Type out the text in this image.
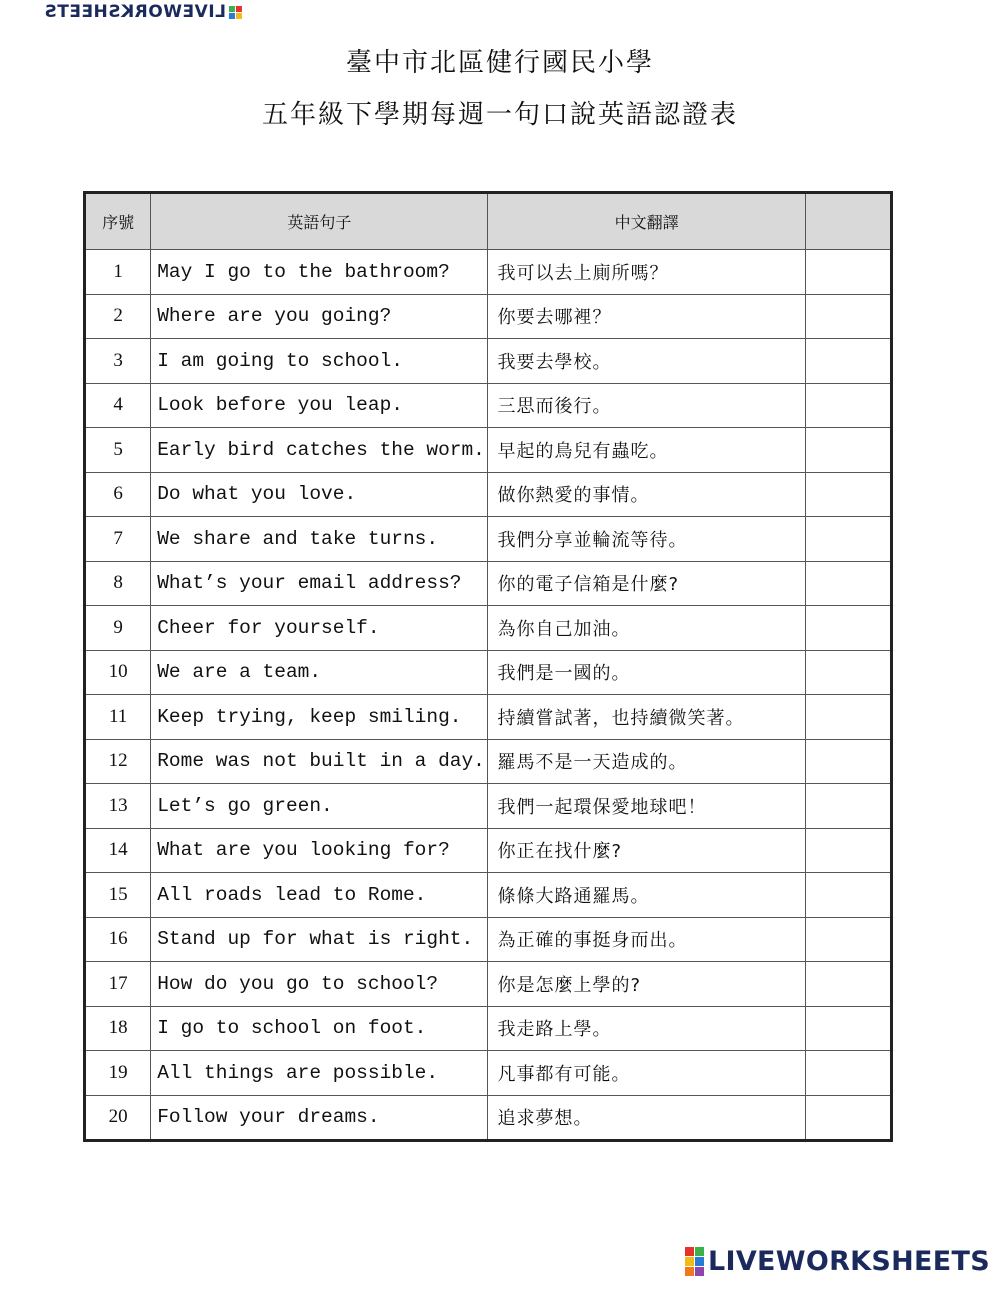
LIVEWORKSHEETS
臺中市北區健行國民小學
五年級下學期每週一句口說英語認證表
序號	英語句子	中文翻譯	
1	May I go to the bathroom?	我可以去上廁所嗎？	
2	Where are you going?	你要去哪裡？	
3	I am going to school.	我要去學校。	
4	Look before you leap.	三思而後行。	
5	Early bird catches the worm.	早起的鳥兒有蟲吃。	
6	Do what you love.	做你熱愛的事情。	
7	We share and take turns.	我們分享並輪流等待。	
8	What’s your email address?	你的電子信箱是什麼?	
9	Cheer for yourself.	為你自己加油。	
10	We are a team.	我們是一國的。	
11	Keep trying, keep smiling.	持續嘗試著，也持續微笑著。	
12	Rome was not built in a day.	羅馬不是一天造成的。	
13	Let’s go green.	我們一起環保愛地球吧！	
14	What are you looking for?	你正在找什麼?	
15	All roads lead to Rome.	條條大路通羅馬。	
16	Stand up for what is right.	為正確的事挺身而出。	
17	How do you go to school?	你是怎麼上學的?	
18	I go to school on foot.	我走路上學。	
19	All things are possible.	凡事都有可能。	
20	Follow your dreams.	追求夢想。	
LIVEWORKSHEETS
